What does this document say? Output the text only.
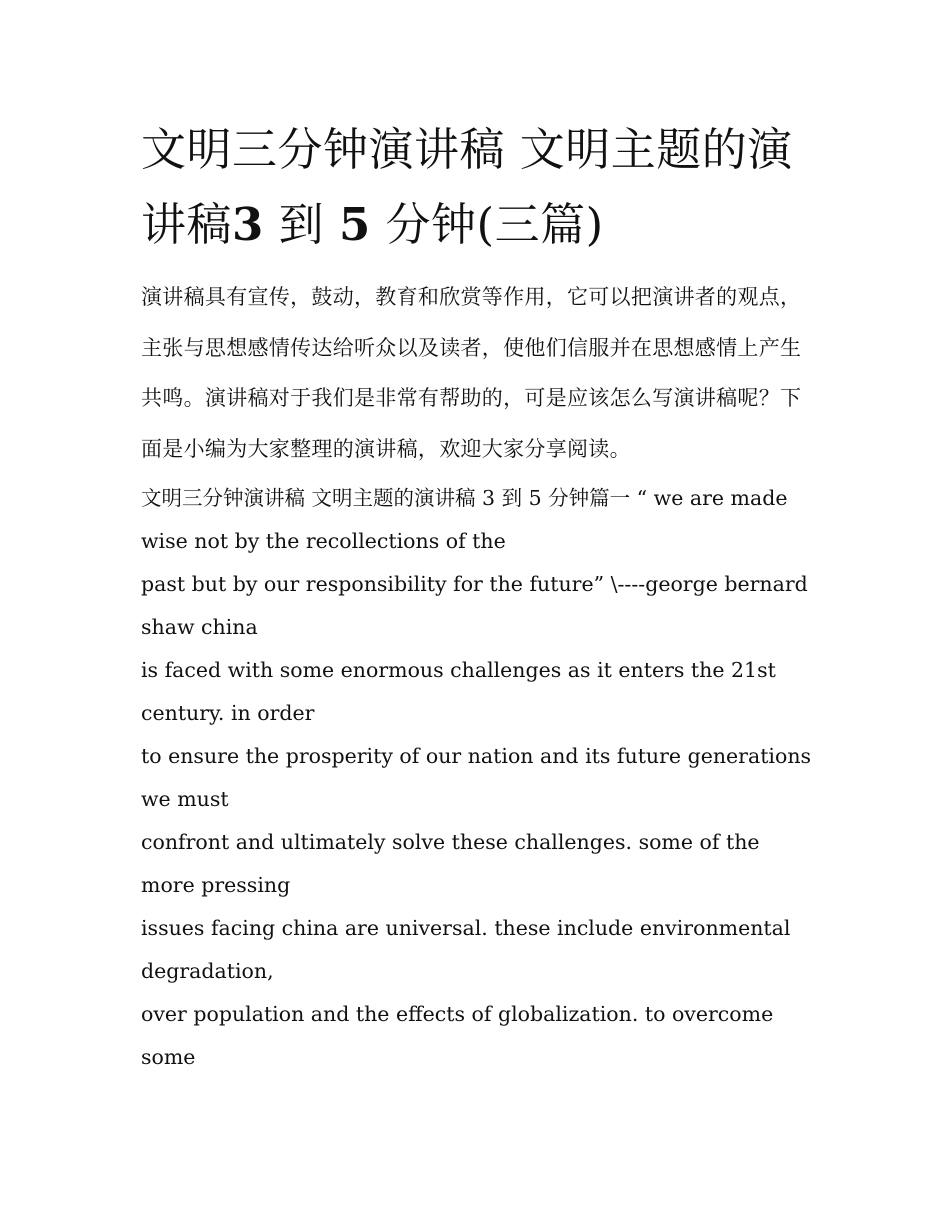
文明三分钟演讲稿 文明主题的演讲稿3 到 5 分钟(三篇)

演讲稿具有宣传，鼓动，教育和欣赏等作用，它可以把演讲者的观点，主张与思想感情传达给听众以及读者，使他们信服并在思想感情上产生共鸣。演讲稿对于我们是非常有帮助的，可是应该怎么写演讲稿呢？下面是小编为大家整理的演讲稿，欢迎大家分享阅读。

文明三分钟演讲稿 文明主题的演讲稿 3 到 5 分钟篇一 “ we are made wise not by the recollections of the
past but by our responsibility for the future” \----george bernard shaw china
is faced with some enormous challenges as it enters the 21st century. in order
to ensure the prosperity of our nation and its future generations we must
confront and ultimately solve these challenges. some of the more pressing
issues facing china are universal. these include environmental degradation,
over population and the effects of globalization. to overcome some
